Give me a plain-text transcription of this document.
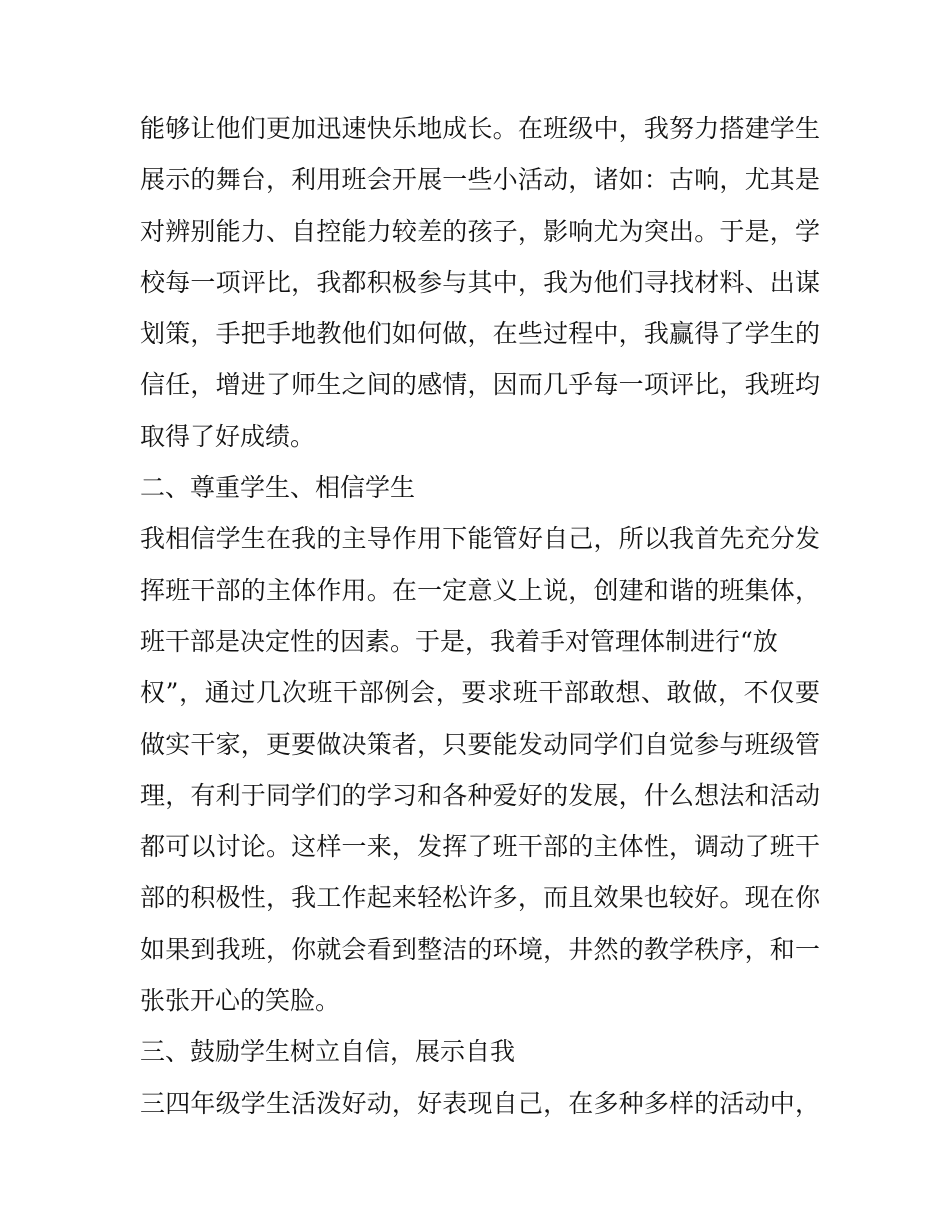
能够让他们更加迅速快乐地成长。在班级中，我努力搭建学生
展示的舞台，利用班会开展一些小活动，诸如：古响，尤其是
对辨别能力、自控能力较差的孩子，影响尤为突出。于是，学
校每一项评比，我都积极参与其中，我为他们寻找材料、出谋
划策，手把手地教他们如何做，在些过程中，我赢得了学生的
信任，增进了师生之间的感情，因而几乎每一项评比，我班均
取得了好成绩。
二、尊重学生、相信学生
我相信学生在我的主导作用下能管好自己，所以我首先充分发
挥班干部的主体作用。在一定意义上说，创建和谐的班集体，
班干部是决定性的因素。于是，我着手对管理体制进行“放
权”，通过几次班干部例会，要求班干部敢想、敢做，不仅要
做实干家，更要做决策者，只要能发动同学们自觉参与班级管
理，有利于同学们的学习和各种爱好的发展，什么想法和活动
都可以讨论。这样一来，发挥了班干部的主体性，调动了班干
部的积极性，我工作起来轻松许多，而且效果也较好。现在你
如果到我班，你就会看到整洁的环境，井然的教学秩序，和一
张张开心的笑脸。
三、鼓励学生树立自信，展示自我
三四年级学生活泼好动，好表现自己，在多种多样的活动中，
